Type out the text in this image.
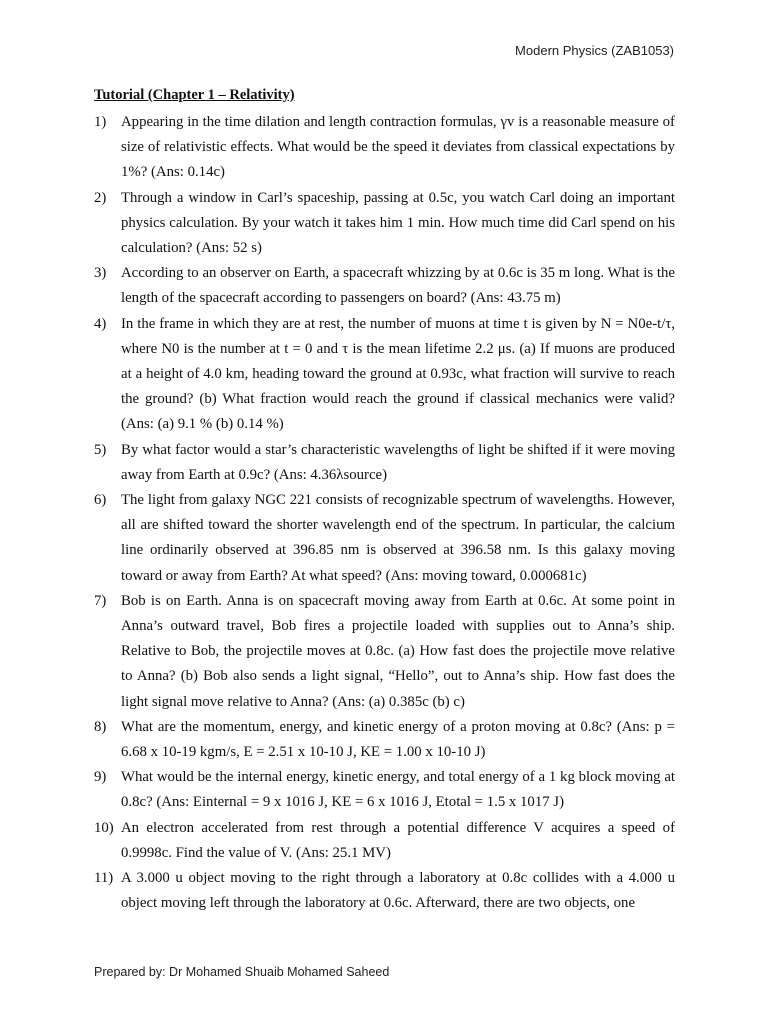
Modern Physics (ZAB1053)
Tutorial (Chapter 1 – Relativity)
1) Appearing in the time dilation and length contraction formulas, γv is a reasonable measure of size of relativistic effects. What would be the speed it deviates from classical expectations by 1%? (Ans: 0.14c)
2) Through a window in Carl’s spaceship, passing at 0.5c, you watch Carl doing an important physics calculation. By your watch it takes him 1 min. How much time did Carl spend on his calculation? (Ans: 52 s)
3) According to an observer on Earth, a spacecraft whizzing by at 0.6c is 35 m long. What is the length of the spacecraft according to passengers on board? (Ans: 43.75 m)
4) In the frame in which they are at rest, the number of muons at time t is given by N = N0e-t/τ, where N0 is the number at t = 0 and τ is the mean lifetime 2.2 μs. (a) If muons are produced at a height of 4.0 km, heading toward the ground at 0.93c, what fraction will survive to reach the ground? (b) What fraction would reach the ground if classical mechanics were valid? (Ans: (a) 9.1 % (b) 0.14 %)
5) By what factor would a star’s characteristic wavelengths of light be shifted if it were moving away from Earth at 0.9c? (Ans: 4.36λsource)
6) The light from galaxy NGC 221 consists of recognizable spectrum of wavelengths. However, all are shifted toward the shorter wavelength end of the spectrum. In particular, the calcium line ordinarily observed at 396.85 nm is observed at 396.58 nm. Is this galaxy moving toward or away from Earth? At what speed? (Ans: moving toward, 0.000681c)
7) Bob is on Earth. Anna is on spacecraft moving away from Earth at 0.6c. At some point in Anna’s outward travel, Bob fires a projectile loaded with supplies out to Anna’s ship. Relative to Bob, the projectile moves at 0.8c. (a) How fast does the projectile move relative to Anna? (b) Bob also sends a light signal, “Hello”, out to Anna’s ship. How fast does the light signal move relative to Anna? (Ans: (a) 0.385c (b) c)
8) What are the momentum, energy, and kinetic energy of a proton moving at 0.8c? (Ans: p = 6.68 x 10-19 kgm/s, E = 2.51 x 10-10 J, KE = 1.00 x 10-10 J)
9) What would be the internal energy, kinetic energy, and total energy of a 1 kg block moving at 0.8c? (Ans: Einternal = 9 x 1016 J, KE = 6 x 1016 J, Etotal = 1.5 x 1017 J)
10) An electron accelerated from rest through a potential difference V acquires a speed of 0.9998c. Find the value of V. (Ans: 25.1 MV)
11) A 3.000 u object moving to the right through a laboratory at 0.8c collides with a 4.000 u object moving left through the laboratory at 0.6c. Afterward, there are two objects, one
Prepared by: Dr Mohamed Shuaib Mohamed Saheed
